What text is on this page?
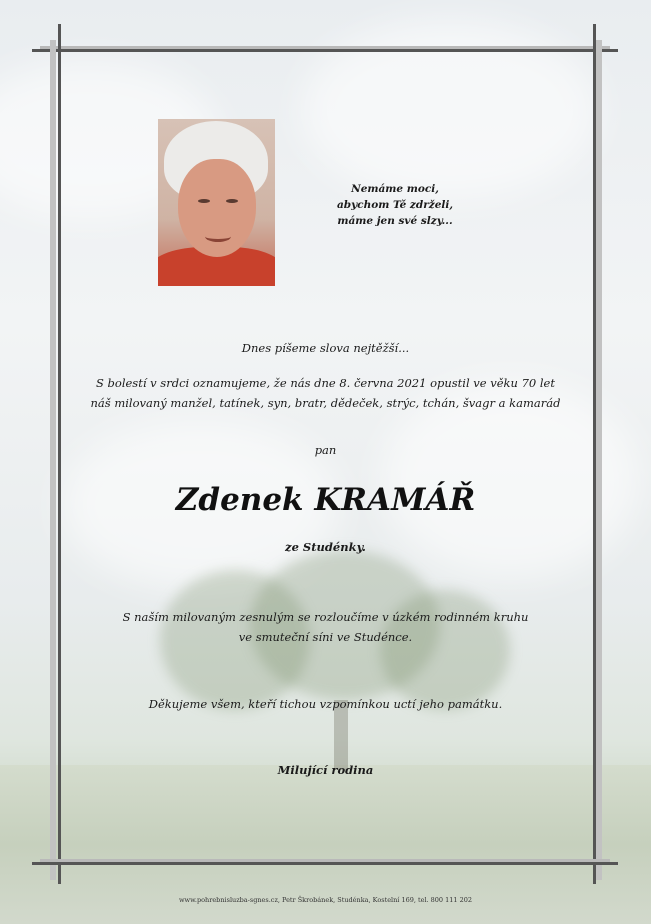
Nemáme moci,
abychom Tě zdrželi,
máme jen své slzy...
Dnes píšeme slova nejtěžší...
S bolestí v srdci oznamujeme, že nás dne 8. června 2021 opustil ve věku 70 let
náš milovaný manžel, tatínek, syn, bratr, dědeček, strýc, tchán, švagr a kamarád
pan
Zdenek KRAMÁŘ
ze Studénky.
S naším milovaným zesnulým se rozloučíme v úzkém rodinném kruhu
ve smuteční síni ve Studénce.
Děkujeme všem, kteří tichou vzpomínkou uctí jeho památku.
Milující rodina
www.pohrebnisluzba-sgnes.cz, Petr Škrobánek, Studénka, Kostelní 169, tel. 800 111 202
